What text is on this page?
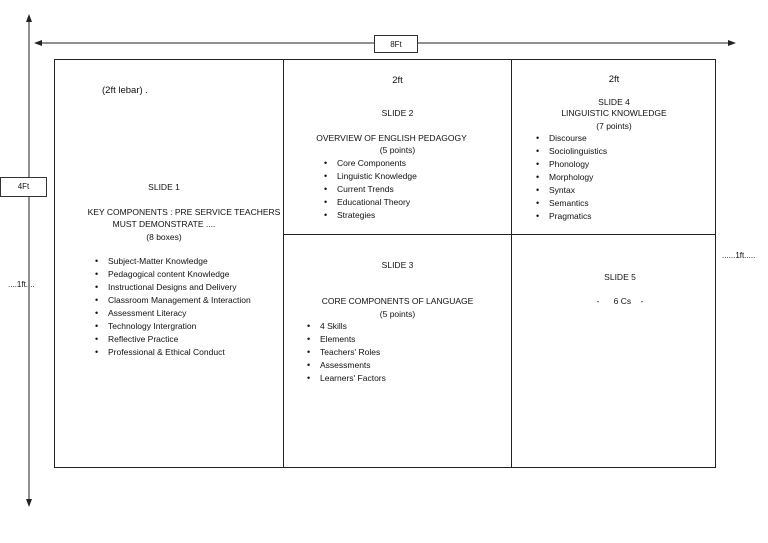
8Ft
4Ft
......1ft.....
....1ft....
(2ft lebar) .
SLIDE 1
KEY COMPONENTS : PRE SERVICE TEACHERS
MUST DEMONSTRATE ....
(8 boxes)
• Subject-Matter Knowledge
• Pedagogical content Knowledge
• Instructional Designs and Delivery
• Classroom Management & Interaction
• Assessment Literacy
• Technology Intergration
• Reflective Practice
• Professional & Ethical Conduct
2ft
SLIDE 2
OVERVIEW OF ENGLISH PEDAGOGY
(5 points)
• Core Components
• Linguistic Knowledge
• Current Trends
• Educational Theory
• Strategies
2ft
SLIDE 4
LINGUISTIC KNOWLEDGE
(7 points)
• Discourse
• Sociolinguistics
• Phonology
• Morphology
• Syntax
• Semantics
• Pragmatics
SLIDE 3
CORE COMPONENTS OF LANGUAGE
(5 points)
• 4 Skills
• Elements
• Teachers' Roles
• Assessments
• Learners' Factors
SLIDE 5
-      6 Cs    -
